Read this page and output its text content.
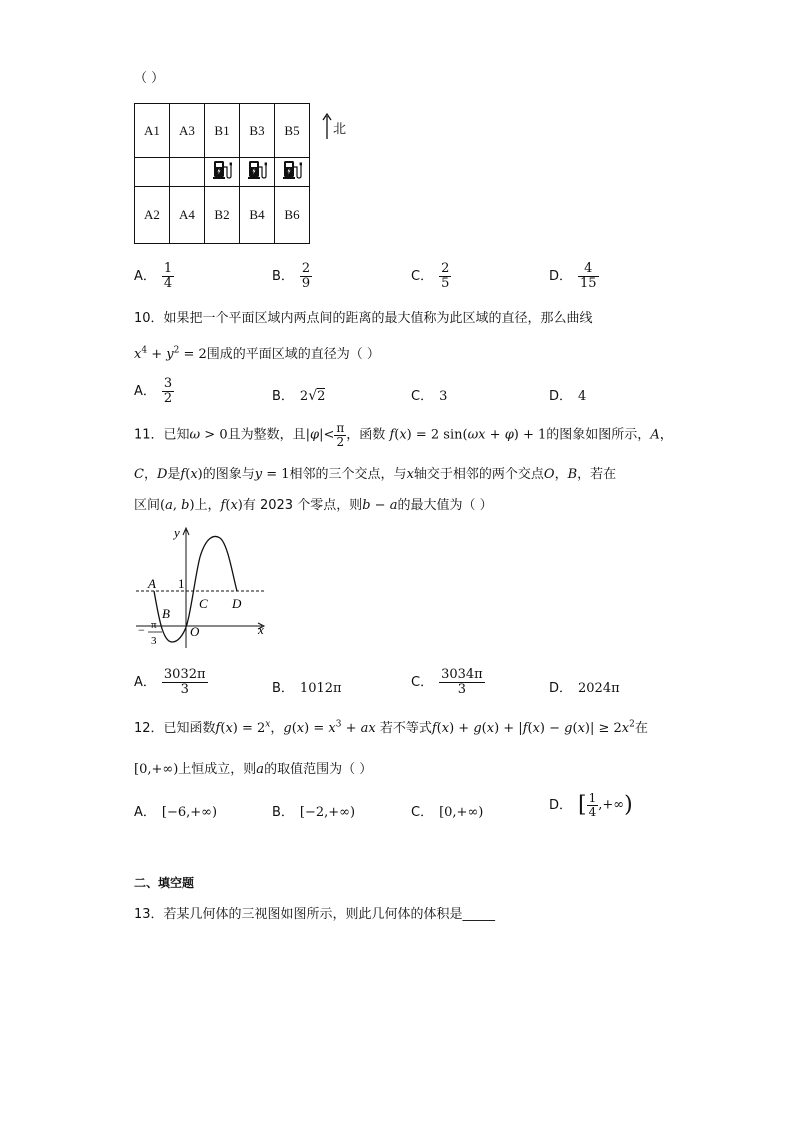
（ ）
A1	A3	B1	B3	B5

A2	A4	B2	B4	B6
北
A． $\frac{1}{4}$	B． $\frac{2}{9}$	C． $\frac{2}{5}$	D． $\frac{4}{15}$
10．如果把一个平面区域内两点间的距离的最大值称为此区域的直径，那么曲线
$x^4 + y^2 = 2$围成的平面区域的直径为（ ）
A． $\frac{3}{2}$	B． 2√2	C． 3	D． 4
11．已知ω > 0且为整数，且$|\varphi|< \frac{\pi}{2}$ ，函数 f(x) = 2 sin(ωx + φ) + 1的图象如图所示，A，
C，D是f(x)的图象与y = 1相邻的三个交点，与x轴交于相邻的两个交点O，B，若在
区间(a, b)上，f(x)有 2023 个零点，则b − a的最大值为（ ）
A 1
B
C D
O
y
x
− π
3
A． $\frac{3032\pi}{3}$	B． 1012π	C． $\frac{3034\pi}{3}$	D． 2024π
12．已知函数$f(x) = 2^x$，$g(x) = x^3$ + ax 若不等式$f(x) + g(x) + |f(x) - g(x)| \ge 2x^2$在
[0,+∞)上恒成立，则a的取值范围为（ ）
A． [−6,+∞)	B． [−2,+∞)	C． [0,+∞)	D． [ $\frac{1}{4}$ ,+∞)
二、填空题
13．若某几何体的三视图如图所示，则此几何体的体积是_____
